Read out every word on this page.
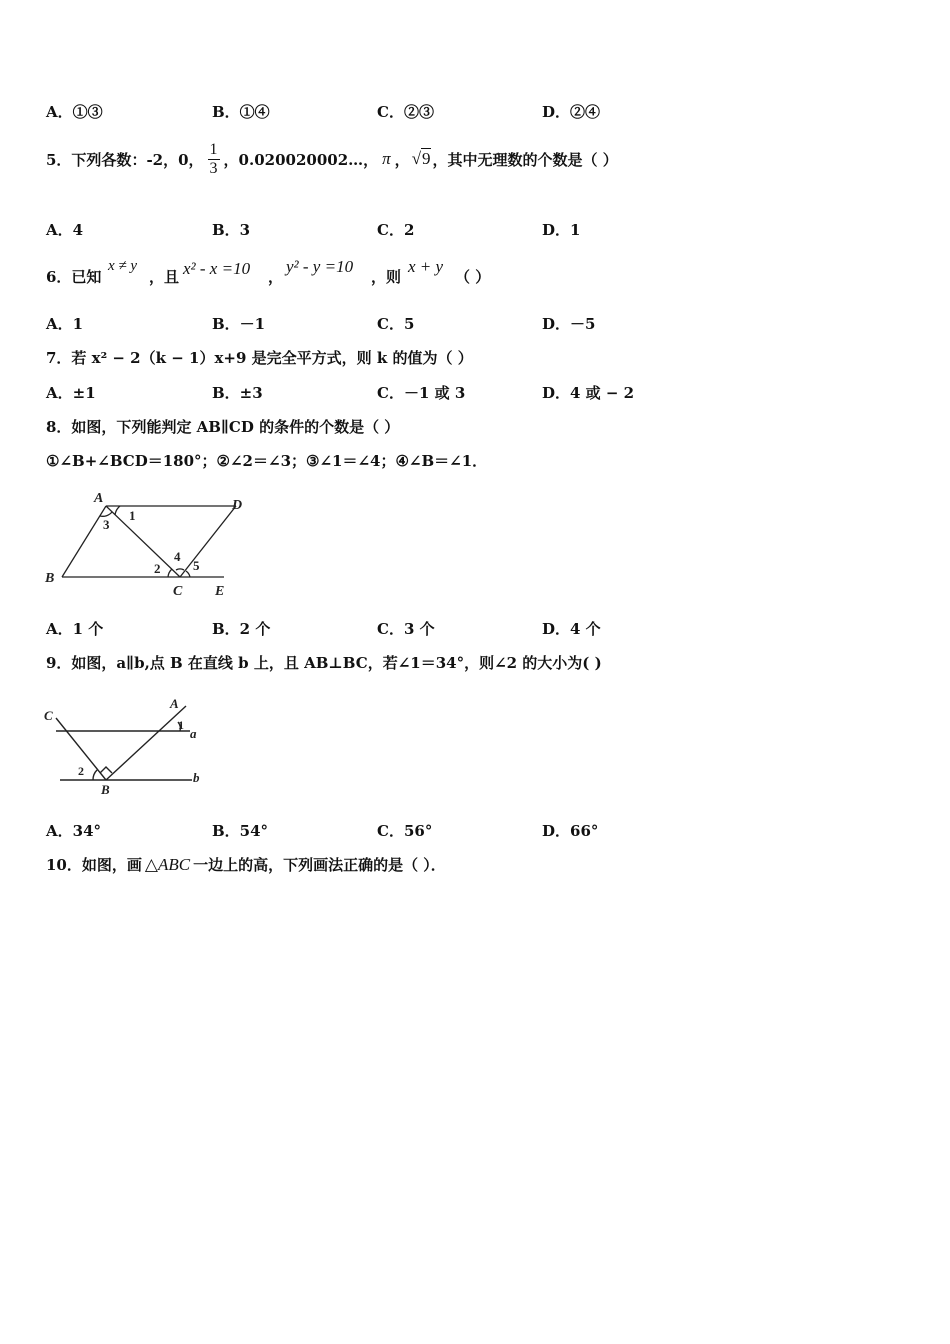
A．①③	B．①④	C．②③	D．②④
5．下列各数：-2，0， $\frac{1}{3}$ ，0.020020002…， π ， √9 ，其中无理数的个数是（ ）
A．4	B．3	C．2	D．1
6．已知
x ≠ y
，且 x² - x =10 ，
y² - y =10
，则
x + y
（ ）
A．1	B．－1	C．5	D．－5
7．若 x² − 2（k − 1）x+9 是完全平方式，则 k 的值为（ ）
A．±1	B．±3	C．－1 或 3	D．4 或 − 2
8．如图，下列能判定 AB∥CD 的条件的个数是（ ）
①∠B+∠BCD＝180°；②∠2＝∠3；③∠1＝∠4；④∠B＝∠1．
A	D
B
C E
1
2
3
4
5
A．1 个	B．2 个	C．3 个	D．4 个
9．如图，a∥b,点 B 在直线 b 上，且 AB⊥BC，若∠1＝34°，则∠2 的大小为( )
C
A
a
b
B
1
2
A．34°	B．54°	C．56°	D．66°
10．如图，画 △ABC 一边上的高，下列画法正确的是（ ）．
